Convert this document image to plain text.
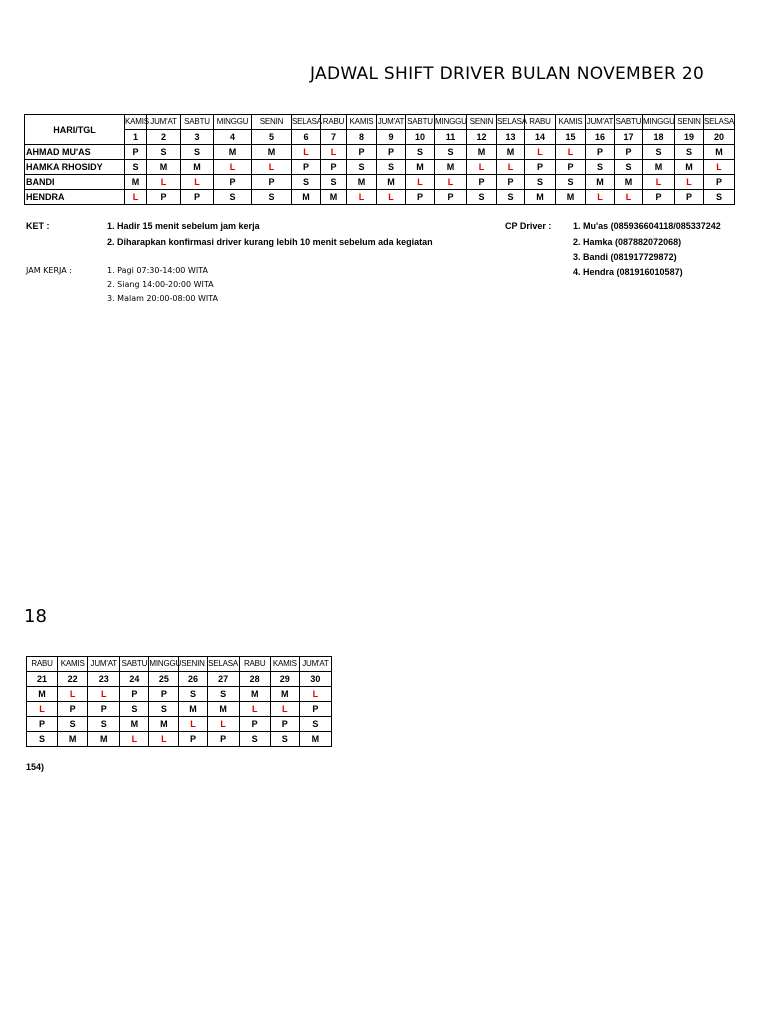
JADWAL SHIFT DRIVER BULAN NOVEMBER 20
HARI/TGL	KAMIS	JUM'AT	SABTU	MINGGU	SENIN	SELASA	RABU	KAMIS	JUM'AT	SABTU	MINGGU	SENIN	SELASA	RABU	KAMIS	JUM'AT	SABTU	MINGGU	SENIN	SELASA
	1	2	3	4	5	6	7	8	9	10	11	12	13	14	15	16	17	18	19	20
AHMAD MU'AS	P	S	S	M	M	L	L	P	P	S	S	M	M	L	L	P	P	S	S	M
HAMKA RHOSIDY	S	M	M	L	L	P	P	S	S	M	M	L	L	P	P	S	S	M	M	L
BANDI	M	L	L	P	P	S	S	M	M	L	L	P	P	S	S	M	M	L	L	P
HENDRA	L	P	P	S	S	M	M	L	L	P	P	S	S	M	M	L	L	P	P	S
KET :	1. Hadir 15 menit sebelum jam kerja
2. Diharapkan konfirmasi driver kurang lebih 10 menit sebelum ada kegiatan
CP Driver : 1. Mu'as (085936604118/085337242
2. Hamka (087882072068)
3. Bandi (081917729872)
4. Hendra (081916010587)
JAM KERJA :	1. Pagi 07:30-14:00 WITA
2. Siang 14:00-20:00 WITA
3. Malam 20:00-08:00 WITA
18
RABU	KAMIS	JUM'AT	SABTU	MINGGU	SENIN	SELASA	RABU	KAMIS	JUM'AT
21	22	23	24	25	26	27	28	29	30
M	L	L	P	P	S	S	M	M	L
L	P	P	S	S	M	M	L	L	P
P	S	S	M	M	L	L	P	P	S
S	M	M	L	L	P	P	S	S	M
154)
